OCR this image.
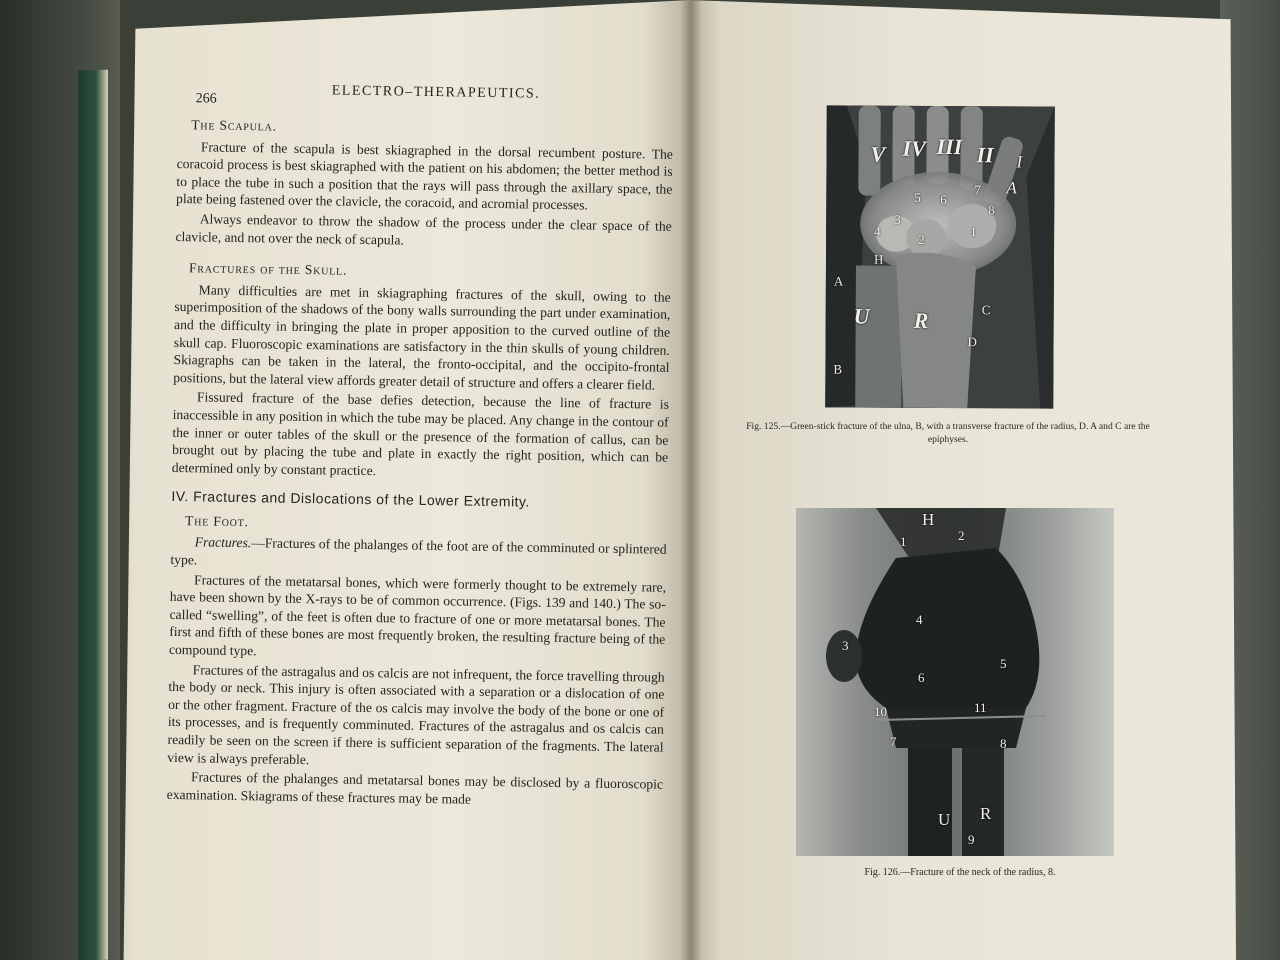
266	ELECTRO–THERAPEUTICS.
The Scapula.

Fracture of the scapula is best skiagraphed in the dorsal recumbent posture. The coracoid process is best skiagraphed with the patient on his abdomen; the better method is to place the tube in such a position that the rays will pass through the axillary space, the plate being fastened over the clavicle, the coracoid, and acromial processes.

Always endeavor to throw the shadow of the process under the clear space of the clavicle, and not over the neck of scapula.

Fractures of the Skull.

Many difficulties are met in skiagraphing fractures of the skull, owing to the superimposition of the shadows of the bony walls surrounding the part under examination, and the difficulty in bringing the plate in proper apposition to the curved outline of the skull cap. Fluoroscopic examinations are satisfactory in the thin skulls of young children. Skiagraphs can be taken in the lateral, the fronto-occipital, and the occipito-frontal positions, but the lateral view affords greater detail of structure and offers a clearer field.

Fissured fracture of the base defies detection, because the line of fracture is inaccessible in any position in which the tube may be placed. Any change in the contour of the inner or outer tables of the skull or the presence of the formation of callus, can be brought out by placing the tube and plate in exactly the right position, which can be determined only by constant practice.

IV. Fractures and Dislocations of the Lower Extremity.
The Foot.

Fractures.—Fractures of the phalanges of the foot are of the comminuted or splintered type.

Fractures of the metatarsal bones, which were formerly thought to be extremely rare, have been shown by the X-rays to be of common occurrence. (Figs. 139 and 140.) The so-called “swelling”, of the feet is often due to fracture of one or more metatarsal bones. The first and fifth of these bones are most frequently broken, the resulting fracture being of the compound type.

Fractures of the astragalus and os calcis are not infrequent, the force travelling through the body or neck. This injury is often associated with a separation or a dislocation of one or the other fragment. Fracture of the os calcis may involve the body of the bone or one of its processes, and is frequently comminuted. Fractures of the astragalus and os calcis can readily be seen on the screen if there is sufficient separation of the fragments. The lateral view is always preferable.

Fractures of the phalanges and metatarsal bones may be disclosed by a fluoroscopic examination. Skiagrams of these fractures may be made

V IV III II I
A
5 6
7
8
3
4
2
1
H
A
C
U R
D
B
Fig. 125.—Green-stick fracture of the ulna, B, with a transverse fracture of the radius, D. A and C are the epiphyses.
H
1	2
4
3
5
6
10	11
7	8
U R
9
Fig. 126.—Fracture of the neck of the radius, 8.
